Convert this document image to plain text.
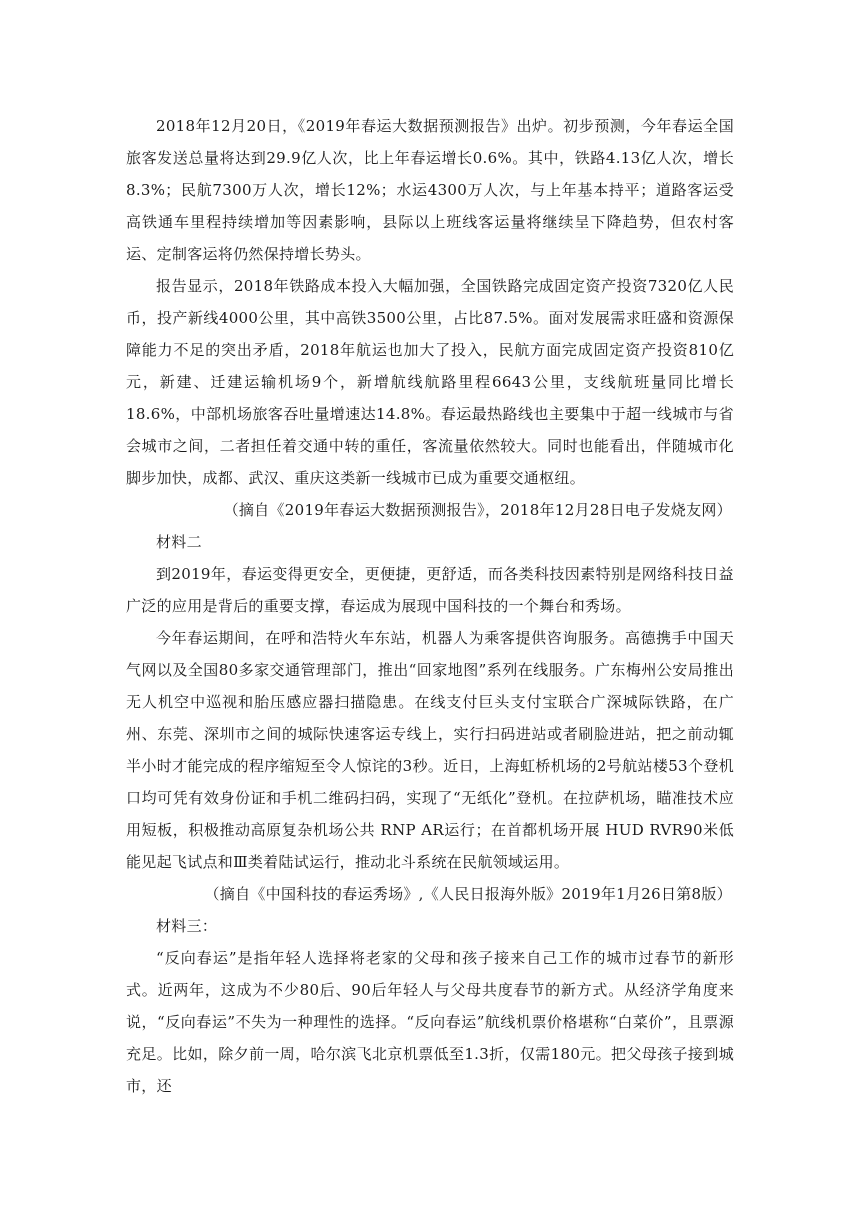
2018年12月20日，《2019年春运大数据预测报告》出炉。初步预测，今年春运全国旅客发送总量将达到29.9亿人次，比上年春运增长0.6%。其中，铁路4.13亿人次，增长8.3%；民航7300万人次，增长12%；水运4300万人次，与上年基本持平；道路客运受高铁通车里程持续增加等因素影响，县际以上班线客运量将继续呈下降趋势，但农村客运、定制客运将仍然保持增长势头。

报告显示，2018年铁路成本投入大幅加强，全国铁路完成固定资产投资7320亿人民币，投产新线4000公里，其中高铁3500公里，占比87.5%。面对发展需求旺盛和资源保障能力不足的突出矛盾，2018年航运也加大了投入，民航方面完成固定资产投资810亿元，新建、迁建运输机场9个，新增航线航路里程6643公里，支线航班量同比增长18.6%，中部机场旅客吞吐量增速达14.8%。春运最热路线也主要集中于超一线城市与省会城市之间，二者担任着交通中转的重任，客流量依然较大。同时也能看出，伴随城市化脚步加快，成都、武汉、重庆这类新一线城市已成为重要交通枢纽。

（摘自《2019年春运大数据预测报告》，2018年12月28日电子发烧友网）

材料二

到2019年，春运变得更安全，更便捷，更舒适，而各类科技因素特别是网络科技日益广泛的应用是背后的重要支撑，春运成为展现中国科技的一个舞台和秀场。

今年春运期间，在呼和浩特火车东站，机器人为乘客提供咨询服务。高德携手中国天气网以及全国80多家交通管理部门，推出“回家地图”系列在线服务。广东梅州公安局推出无人机空中巡视和胎压感应器扫描隐患。在线支付巨头支付宝联合广深城际铁路，在广州、东莞、深圳市之间的城际快速客运专线上，实行扫码进站或者刷脸进站，把之前动辄半小时才能完成的程序缩短至令人惊诧的3秒。近日，上海虹桥机场的2号航站楼53个登机口均可凭有效身份证和手机二维码扫码，实现了“无纸化”登机。在拉萨机场，瞄准技术应用短板，积极推动高原复杂机场公共 RNP AR运行；在首都机场开展 HUD RVR90米低能见起飞试点和Ⅲ类着陆试运行，推动北斗系统在民航领域运用。

（摘自《中国科技的春运秀场》,《人民日报海外版》2019年1月26日第8版）

材料三：

“反向春运”是指年轻人选择将老家的父母和孩子接来自己工作的城市过春节的新形式。近两年，这成为不少80后、90后年轻人与父母共度春节的新方式。从经济学角度来说，“反向春运”不失为一种理性的选择。“反向春运”航线机票价格堪称“白菜价”，且票源充足。比如，除夕前一周，哈尔滨飞北京机票低至1.3折，仅需180元。把父母孩子接到城市，还
